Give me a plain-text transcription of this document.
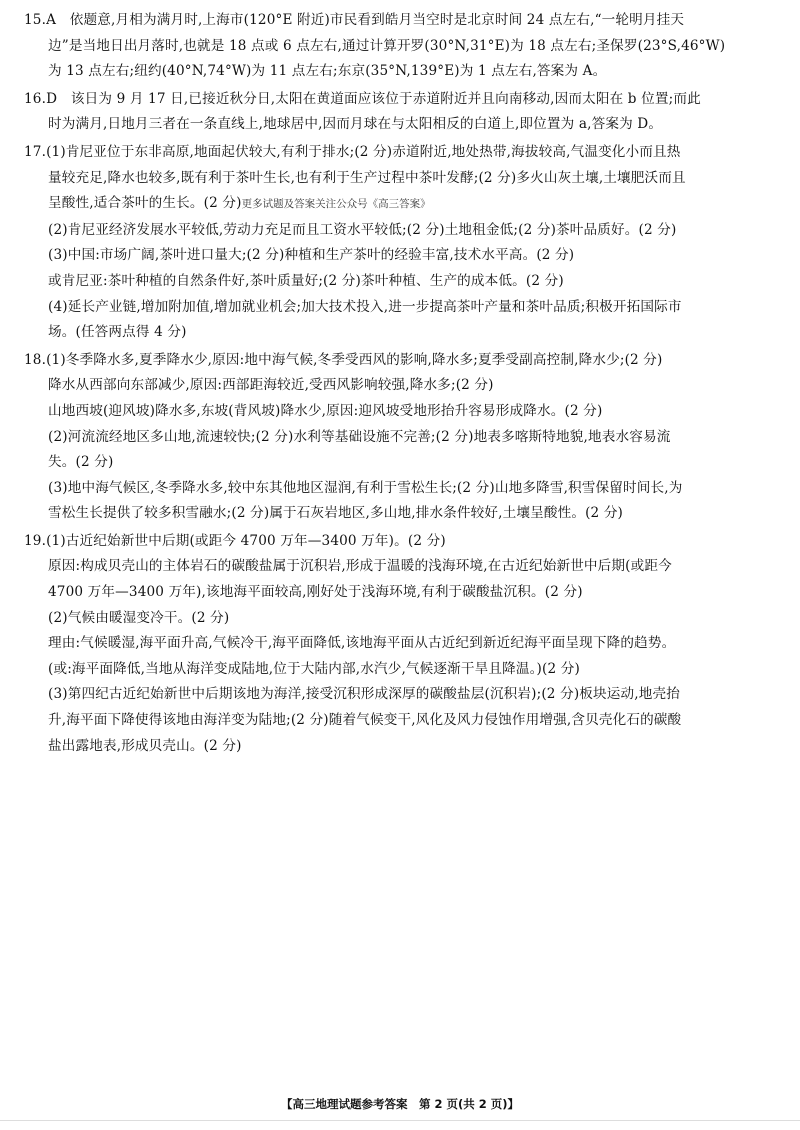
15.A　依题意,月相为满月时,上海市(120°E 附近)市民看到皓月当空时是北京时间 24 点左右,“一轮明月挂天
边”是当地日出月落时,也就是 18 点或 6 点左右,通过计算开罗(30°N,31°E)为 18 点左右;圣保罗(23°S,46°W)
为 13 点左右;纽约(40°N,74°W)为 11 点左右;东京(35°N,139°E)为 1 点左右,答案为 A。
16.D　该日为 9 月 17 日,已接近秋分日,太阳在黄道面应该位于赤道附近并且向南移动,因而太阳在 b 位置;而此
时为满月,日地月三者在一条直线上,地球居中,因而月球在与太阳相反的白道上,即位置为 a,答案为 D。
17.(1)肯尼亚位于东非高原,地面起伏较大,有利于排水;(2 分)赤道附近,地处热带,海拔较高,气温变化小而且热
量较充足,降水也较多,既有利于茶叶生长,也有利于生产过程中茶叶发酵;(2 分)多火山灰土壤,土壤肥沃而且
呈酸性,适合茶叶的生长。(2 分)更多试题及答案关注公众号《高三答案》
(2)肯尼亚经济发展水平较低,劳动力充足而且工资水平较低;(2 分)土地租金低;(2 分)茶叶品质好。(2 分)
(3)中国:市场广阔,茶叶进口量大;(2 分)种植和生产茶叶的经验丰富,技术水平高。(2 分)
或肯尼亚:茶叶种植的自然条件好,茶叶质量好;(2 分)茶叶种植、生产的成本低。(2 分)
(4)延长产业链,增加附加值,增加就业机会;加大技术投入,进一步提高茶叶产量和茶叶品质;积极开拓国际市
场。(任答两点得 4 分)
18.(1)冬季降水多,夏季降水少,原因:地中海气候,冬季受西风的影响,降水多;夏季受副高控制,降水少;(2 分)
降水从西部向东部减少,原因:西部距海较近,受西风影响较强,降水多;(2 分)
山地西坡(迎风坡)降水多,东坡(背风坡)降水少,原因:迎风坡受地形抬升容易形成降水。(2 分)
(2)河流流经地区多山地,流速较快;(2 分)水利等基础设施不完善;(2 分)地表多喀斯特地貌,地表水容易流
失。(2 分)
(3)地中海气候区,冬季降水多,较中东其他地区湿润,有利于雪松生长;(2 分)山地多降雪,积雪保留时间长,为
雪松生长提供了较多积雪融水;(2 分)属于石灰岩地区,多山地,排水条件较好,土壤呈酸性。(2 分)
19.(1)古近纪始新世中后期(或距今 4700 万年—3400 万年)。(2 分)
原因:构成贝壳山的主体岩石的碳酸盐属于沉积岩,形成于温暖的浅海环境,在古近纪始新世中后期(或距今
4700 万年—3400 万年),该地海平面较高,刚好处于浅海环境,有利于碳酸盐沉积。(2 分)
(2)气候由暖湿变冷干。(2 分)
理由:气候暖湿,海平面升高,气候冷干,海平面降低,该地海平面从古近纪到新近纪海平面呈现下降的趋势。
(或:海平面降低,当地从海洋变成陆地,位于大陆内部,水汽少,气候逐渐干旱且降温。)(2 分)
(3)第四纪古近纪始新世中后期该地为海洋,接受沉积形成深厚的碳酸盐层(沉积岩);(2 分)板块运动,地壳抬
升,海平面下降使得该地由海洋变为陆地;(2 分)随着气候变干,风化及风力侵蚀作用增强,含贝壳化石的碳酸
盐出露地表,形成贝壳山。(2 分)
【高三地理试题参考答案　第 2 页(共 2 页)】
